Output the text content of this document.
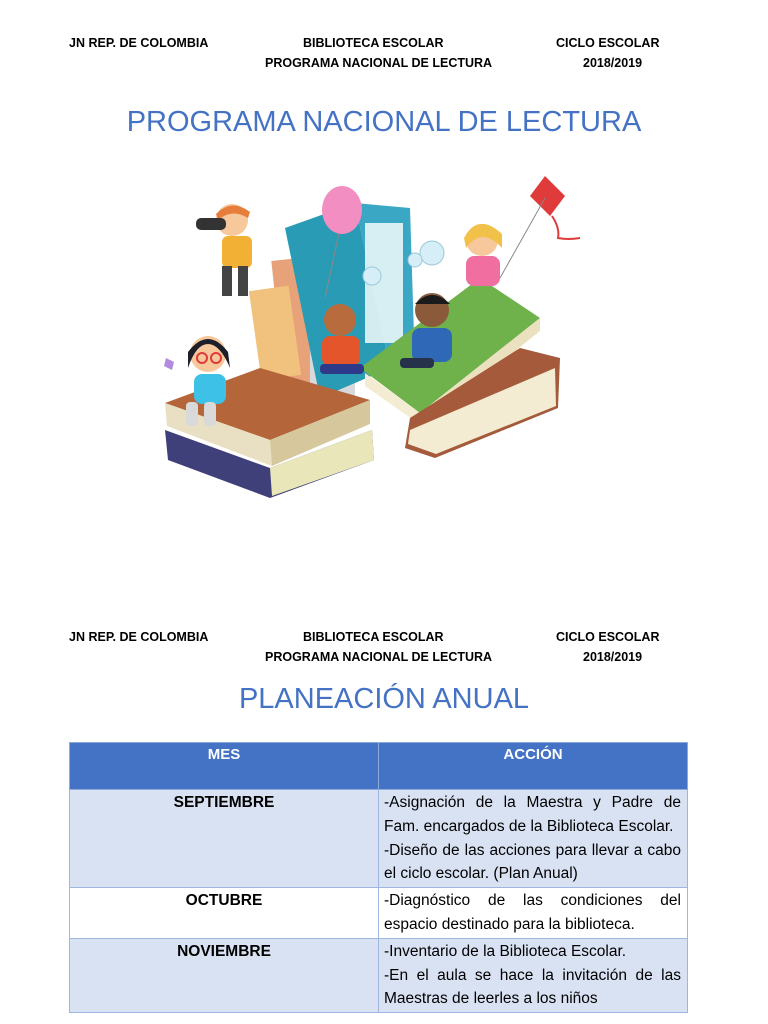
JN REP. DE COLOMBIA	BIBLIOTECA ESCOLAR
PROGRAMA NACIONAL DE LECTURA
CICLO ESCOLAR
2018/2019
PROGRAMA NACIONAL DE LECTURA
JN REP. DE COLOMBIA	BIBLIOTECA ESCOLAR
PROGRAMA NACIONAL DE LECTURA
CICLO ESCOLAR
2018/2019
PLANEACIÓN ANUAL
MES	ACCIÓN
SEPTIEMBRE	-Asignación de la Maestra y Padre de Fam. encargados de la Biblioteca Escolar.
-Diseño de las acciones para llevar a cabo el ciclo escolar. (Plan Anual)

OCTUBRE	-Diagnóstico de las condiciones del espacio destinado para la biblioteca.

NOVIEMBRE	-Inventario de la Biblioteca Escolar.
-En el aula se hace la invitación de las Maestras de leerles a los niños
